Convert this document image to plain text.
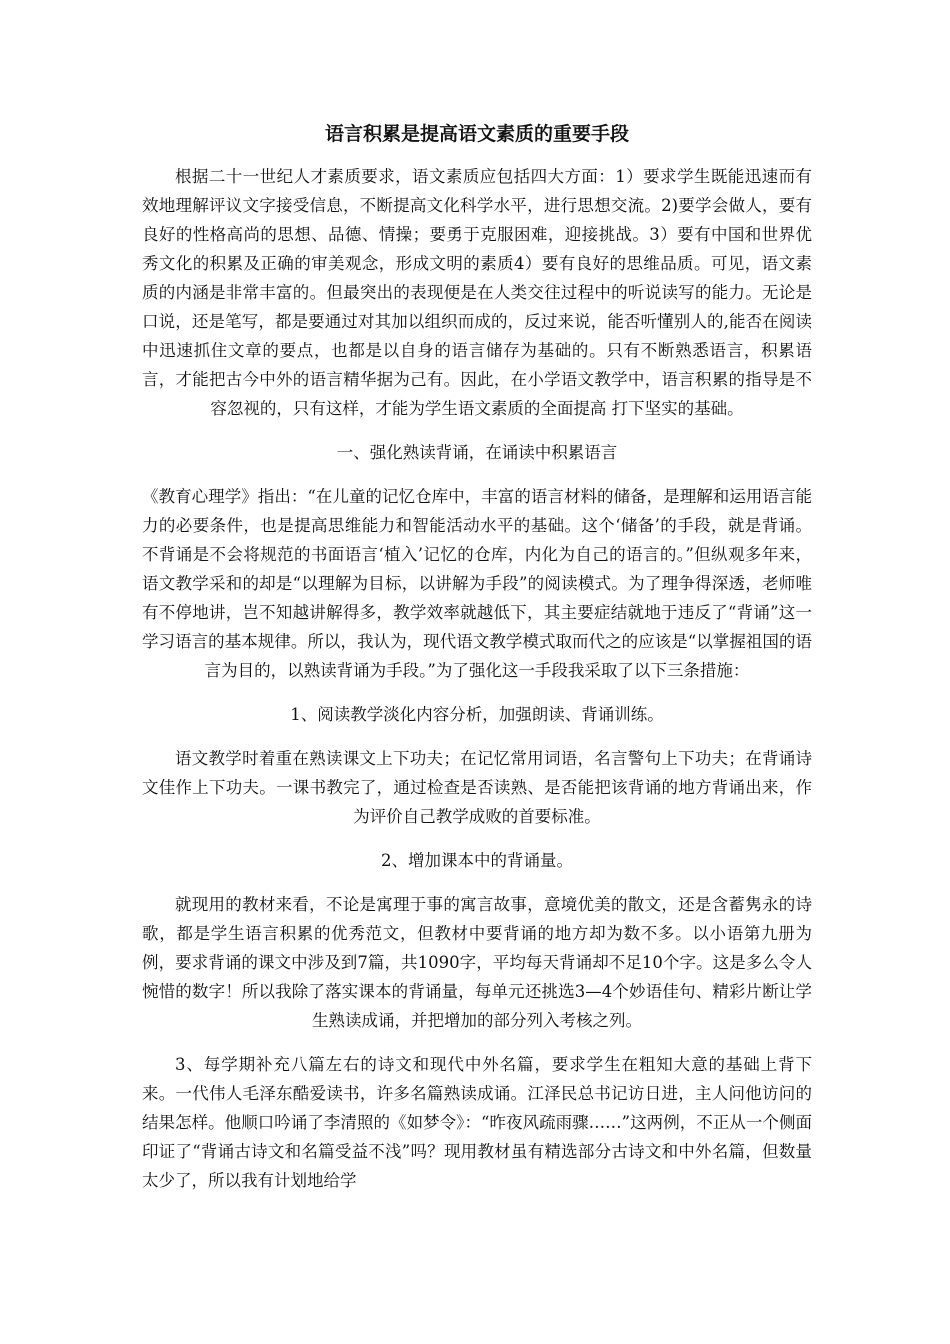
语言积累是提高语文素质的重要手段

根据二十一世纪人才素质要求，语文素质应包括四大方面：1）要求学生既能迅速而有效地理解评议文字接受信息，不断提高文化科学水平，进行思想交流。2)要学会做人，要有良好的性格高尚的思想、品德、情操；要勇于克服困难，迎接挑战。3）要有中国和世界优秀文化的积累及正确的审美观念，形成文明的素质4）要有良好的思维品质。可见，语文素质的内涵是非常丰富的。但最突出的表现便是在人类交往过程中的听说读写的能力。无论是口说，还是笔写，都是要通过对其加以组织而成的，反过来说，能否听懂别人的,能否在阅读中迅速抓住文章的要点，也都是以自身的语言储存为基础的。只有不断熟悉语言，积累语言，才能把古今中外的语言精华据为己有。因此，在小学语文教学中，语言积累的指导是不容忽视的，只有这样，才能为学生语文素质的全面提高 打下坚实的基础。

一、强化熟读背诵，在诵读中积累语言

《教育心理学》指出：“在儿童的记忆仓库中，丰富的语言材料的储备，是理解和运用语言能力的必要条件，也是提高思维能力和智能活动水平的基础。这个‘储备’的手段，就是背诵。不背诵是不会将规范的书面语言‘植入’记忆的仓库，内化为自己的语言的。”但纵观多年来，语文教学采和的却是“以理解为目标，以讲解为手段”的阅读模式。为了理争得深透，老师唯有不停地讲，岂不知越讲解得多，教学效率就越低下，其主要症结就地于违反了“背诵”这一学习语言的基本规律。所以，我认为，现代语文教学模式取而代之的应该是“以掌握祖国的语言为目的，以熟读背诵为手段。”为了强化这一手段我采取了以下三条措施：

1、阅读教学淡化内容分析，加强朗读、背诵训练。

语文教学时着重在熟读课文上下功夫；在记忆常用词语，名言警句上下功夫；在背诵诗文佳作上下功夫。一课书教完了，通过检查是否读熟、是否能把该背诵的地方背诵出来，作为评价自己教学成败的首要标准。

2、增加课本中的背诵量。

就现用的教材来看，不论是寓理于事的寓言故事，意境优美的散文，还是含蓄隽永的诗歌，都是学生语言积累的优秀范文，但教材中要背诵的地方却为数不多。以小语第九册为例，要求背诵的课文中涉及到7篇，共1090字，平均每天背诵却不足10个字。这是多么令人惋惜的数字！所以我除了落实课本的背诵量，每单元还挑选3—4个妙语佳句、精彩片断让学生熟读成诵，并把增加的部分列入考核之列。

3、每学期补充八篇左右的诗文和现代中外名篇，要求学生在粗知大意的基础上背下来。一代伟人毛泽东酷爱读书，许多名篇熟读成诵。江泽民总书记访日进，主人问他访问的结果怎样。他顺口吟诵了李清照的《如梦令》：“昨夜风疏雨骤……”这两例，不正从一个侧面印证了“背诵古诗文和名篇受益不浅”吗？现用教材虽有精选部分古诗文和中外名篇，但数量太少了，所以我有计划地给学
